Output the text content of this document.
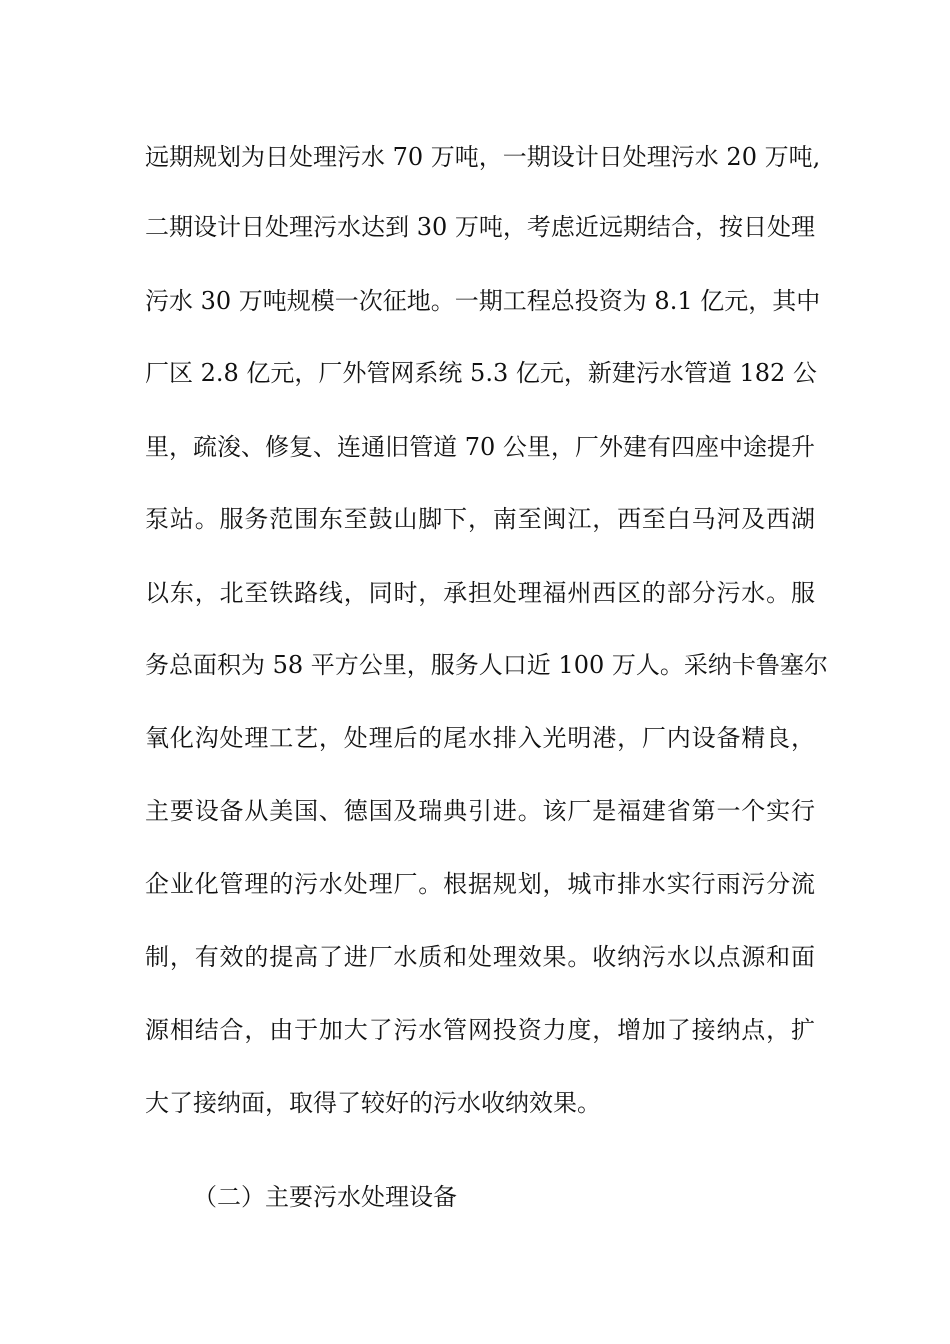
远期规划为日处理污水 70 万吨，一期设计日处理污水 20 万吨,
二期设计日处理污水达到 30 万吨，考虑近远期结合，按日处理
污水 30 万吨规模一次征地。一期工程总投资为 8.1 亿元，其中
厂区 2.8 亿元，厂外管网系统 5.3 亿元，新建污水管道 182 公
里，疏浚、修复、连通旧管道 70 公里，厂外建有四座中途提升
泵站。服务范围东至鼓山脚下，南至闽江，西至白马河及西湖
以东，北至铁路线，同时，承担处理福州西区的部分污水。服
务总面积为 58 平方公里，服务人口近 100 万人。采纳卡鲁塞尔
氧化沟处理工艺，处理后的尾水排入光明港，厂内设备精良，
主要设备从美国、德国及瑞典引进。该厂是福建省第一个实行
企业化管理的污水处理厂。根据规划，城市排水实行雨污分流
制，有效的提高了进厂水质和处理效果。收纳污水以点源和面
源相结合，由于加大了污水管网投资力度，增加了接纳点，扩
大了接纳面，取得了较好的污水收纳效果。
（二）主要污水处理设备
